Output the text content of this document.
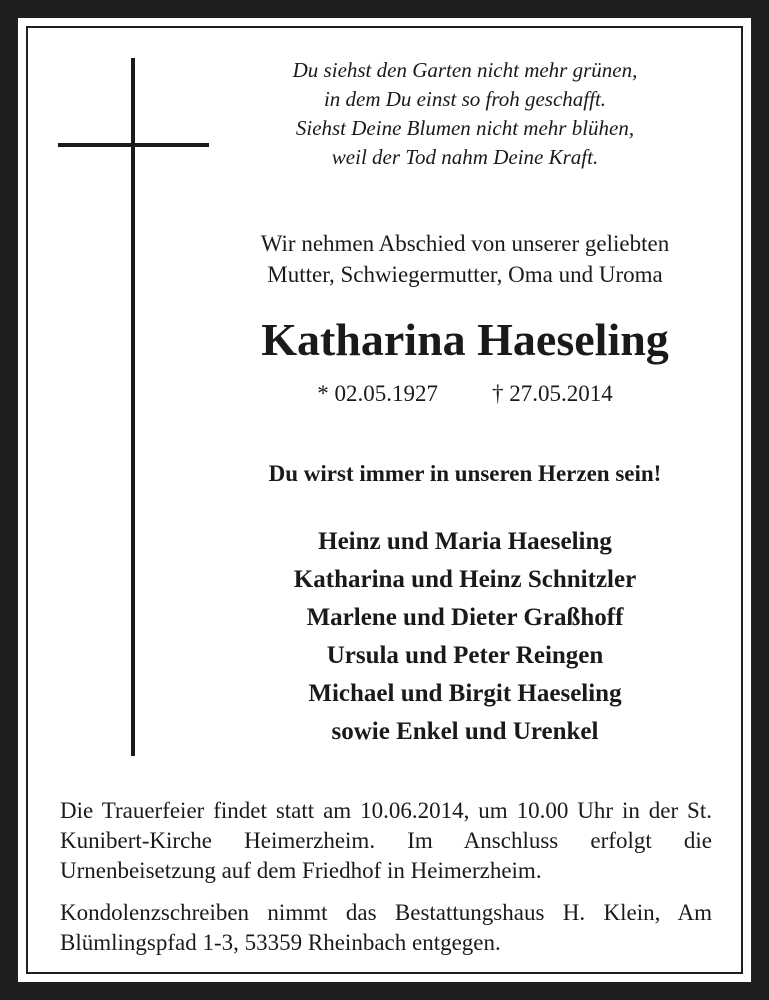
Du siehst den Garten nicht mehr grünen,
in dem Du einst so froh geschafft.
Siehst Deine Blumen nicht mehr blühen,
weil der Tod nahm Deine Kraft.
Wir nehmen Abschied von unserer geliebten
Mutter, Schwiegermutter, Oma und Uroma
Katharina Haeseling
* 02.05.1927 † 27.05.2014
Du wirst immer in unseren Herzen sein!
Heinz und Maria Haeseling
Katharina und Heinz Schnitzler
Marlene und Dieter Graßhoff
Ursula und Peter Reingen
Michael und Birgit Haeseling
sowie Enkel und Urenkel

Die Trauerfeier findet statt am 10.06.2014, um 10.00 Uhr in der St. Kunibert-Kirche Heimerzheim. Im Anschluss erfolgt die Urnenbeisetzung auf dem Friedhof in Heimerzheim.

Kondolenzschreiben nimmt das Bestattungshaus H. Klein, Am Blümlingspfad 1-3, 53359 Rheinbach entgegen.
